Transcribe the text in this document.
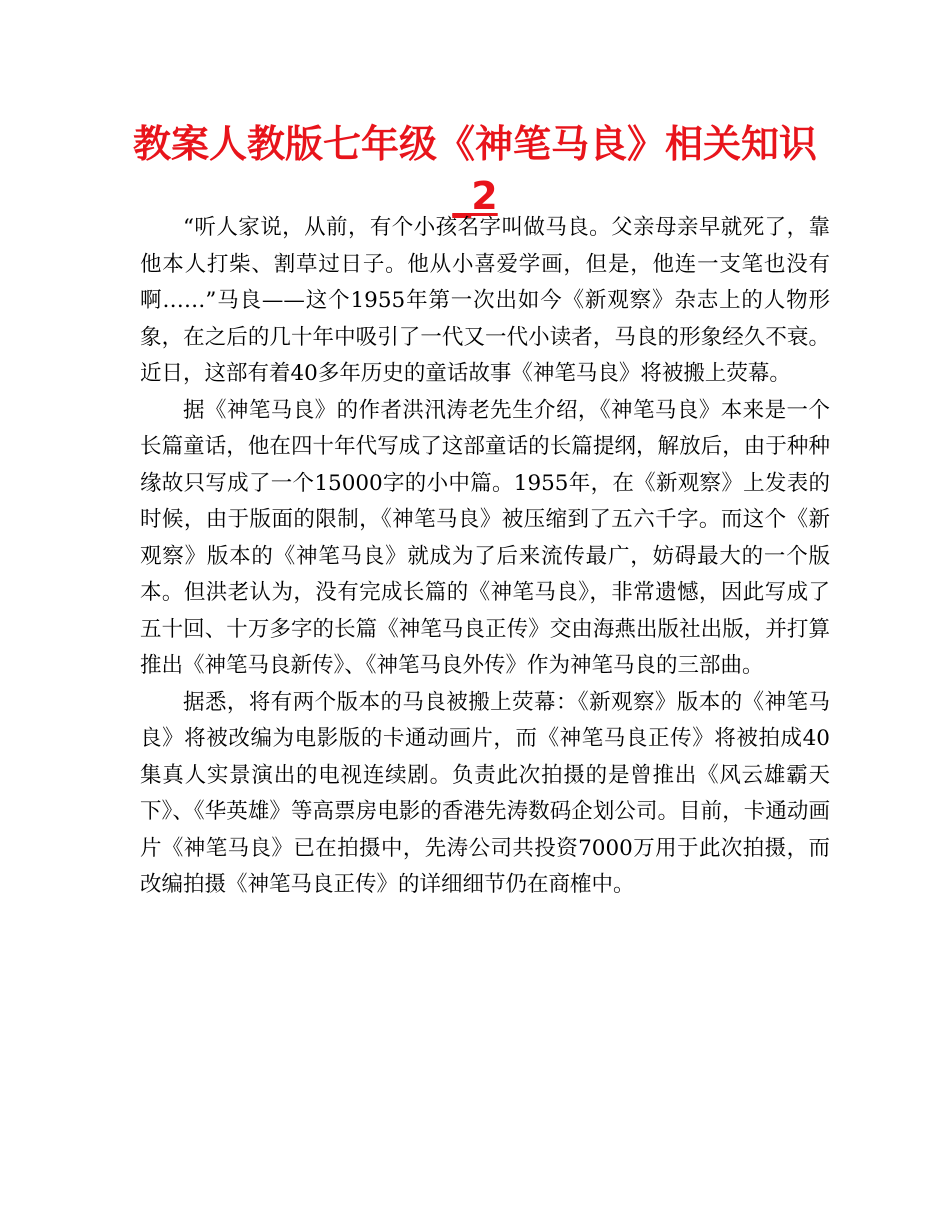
教案人教版七年级《神笔马良》相关知识
_2

“听人家说，从前，有个小孩名字叫做马良。父亲母亲早就死了，靠他本人打柴、割草过日子。他从小喜爱学画，但是，他连一支笔也没有啊……”马良——这个1955年第一次出如今《新观察》杂志上的人物形象，在之后的几十年中吸引了一代又一代小读者，马良的形象经久不衰。近日，这部有着40多年历史的童话故事《神笔马良》将被搬上荧幕。

据《神笔马良》的作者洪汛涛老先生介绍，《神笔马良》本来是一个长篇童话，他在四十年代写成了这部童话的长篇提纲，解放后，由于种种缘故只写成了一个15000字的小中篇。1955年，在《新观察》上发表的时候，由于版面的限制，《神笔马良》被压缩到了五六千字。而这个《新观察》版本的《神笔马良》就成为了后来流传最广，妨碍最大的一个版本。但洪老认为，没有完成长篇的《神笔马良》，非常遗憾，因此写成了五十回、十万多字的长篇《神笔马良正传》交由海燕出版社出版，并打算推出《神笔马良新传》、《神笔马良外传》作为神笔马良的三部曲。

据悉，将有两个版本的马良被搬上荧幕：《新观察》版本的《神笔马良》将被改编为电影版的卡通动画片，而《神笔马良正传》将被拍成40集真人实景演出的电视连续剧。负责此次拍摄的是曾推出《风云雄霸天下》、《华英雄》等高票房电影的香港先涛数码企划公司。目前，卡通动画片《神笔马良》已在拍摄中，先涛公司共投资7000万用于此次拍摄，而改编拍摄《神笔马良正传》的详细细节仍在商榷中。
